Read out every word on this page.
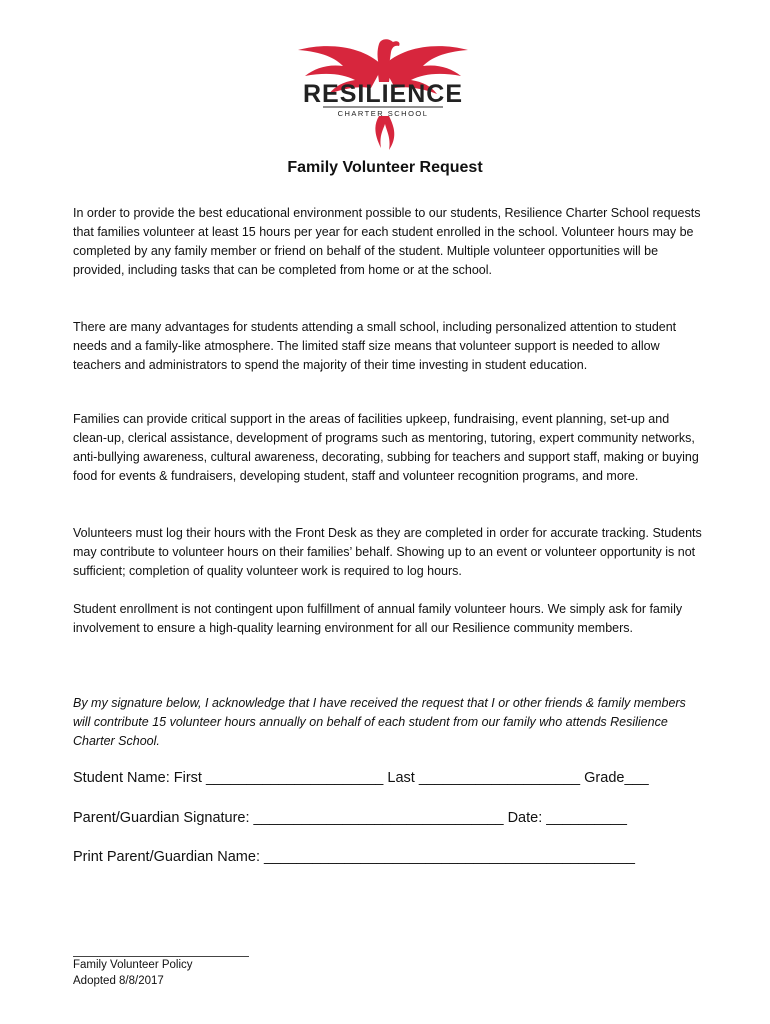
RESILIENCE
CHARTER SCHOOL
Family Volunteer Request

In order to provide the best educational environment possible to our students, Resilience Charter School requests that families volunteer at least 15 hours per year for each student enrolled in the school. Volunteer hours may be completed by any family member or friend on behalf of the student. Multiple volunteer opportunities will be provided, including tasks that can be completed from home or at the school.

There are many advantages for students attending a small school, including personalized attention to student needs and a family-like atmosphere. The limited staff size means that volunteer support is needed to allow teachers and administrators to spend the majority of their time investing in student education.

Families can provide critical support in the areas of facilities upkeep, fundraising, event planning, set-up and clean-up, clerical assistance, development of programs such as mentoring, tutoring, expert community networks, anti-bullying awareness, cultural awareness, decorating, subbing for teachers and support staff, making or buying food for events & fundraisers, developing student, staff and volunteer recognition programs, and more.

Volunteers must log their hours with the Front Desk as they are completed in order for accurate tracking. Students may contribute to volunteer hours on their families’ behalf. Showing up to an event or volunteer opportunity is not sufficient; completion of quality volunteer work is required to log hours.

Student enrollment is not contingent upon fulfillment of annual family volunteer hours. We simply ask for family involvement to ensure a high-quality learning environment for all our Resilience community members.

By my signature below, I acknowledge that I have received the request that I or other friends & family members will contribute 15 volunteer hours annually on behalf of each student from our family who attends Resilience Charter School.

Student Name: First ______________________ Last ____________________ Grade___
Parent/Guardian Signature: _______________________________ Date: __________
Print Parent/Guardian Name: ______________________________________________
Family Volunteer Policy
Adopted 8/8/2017
